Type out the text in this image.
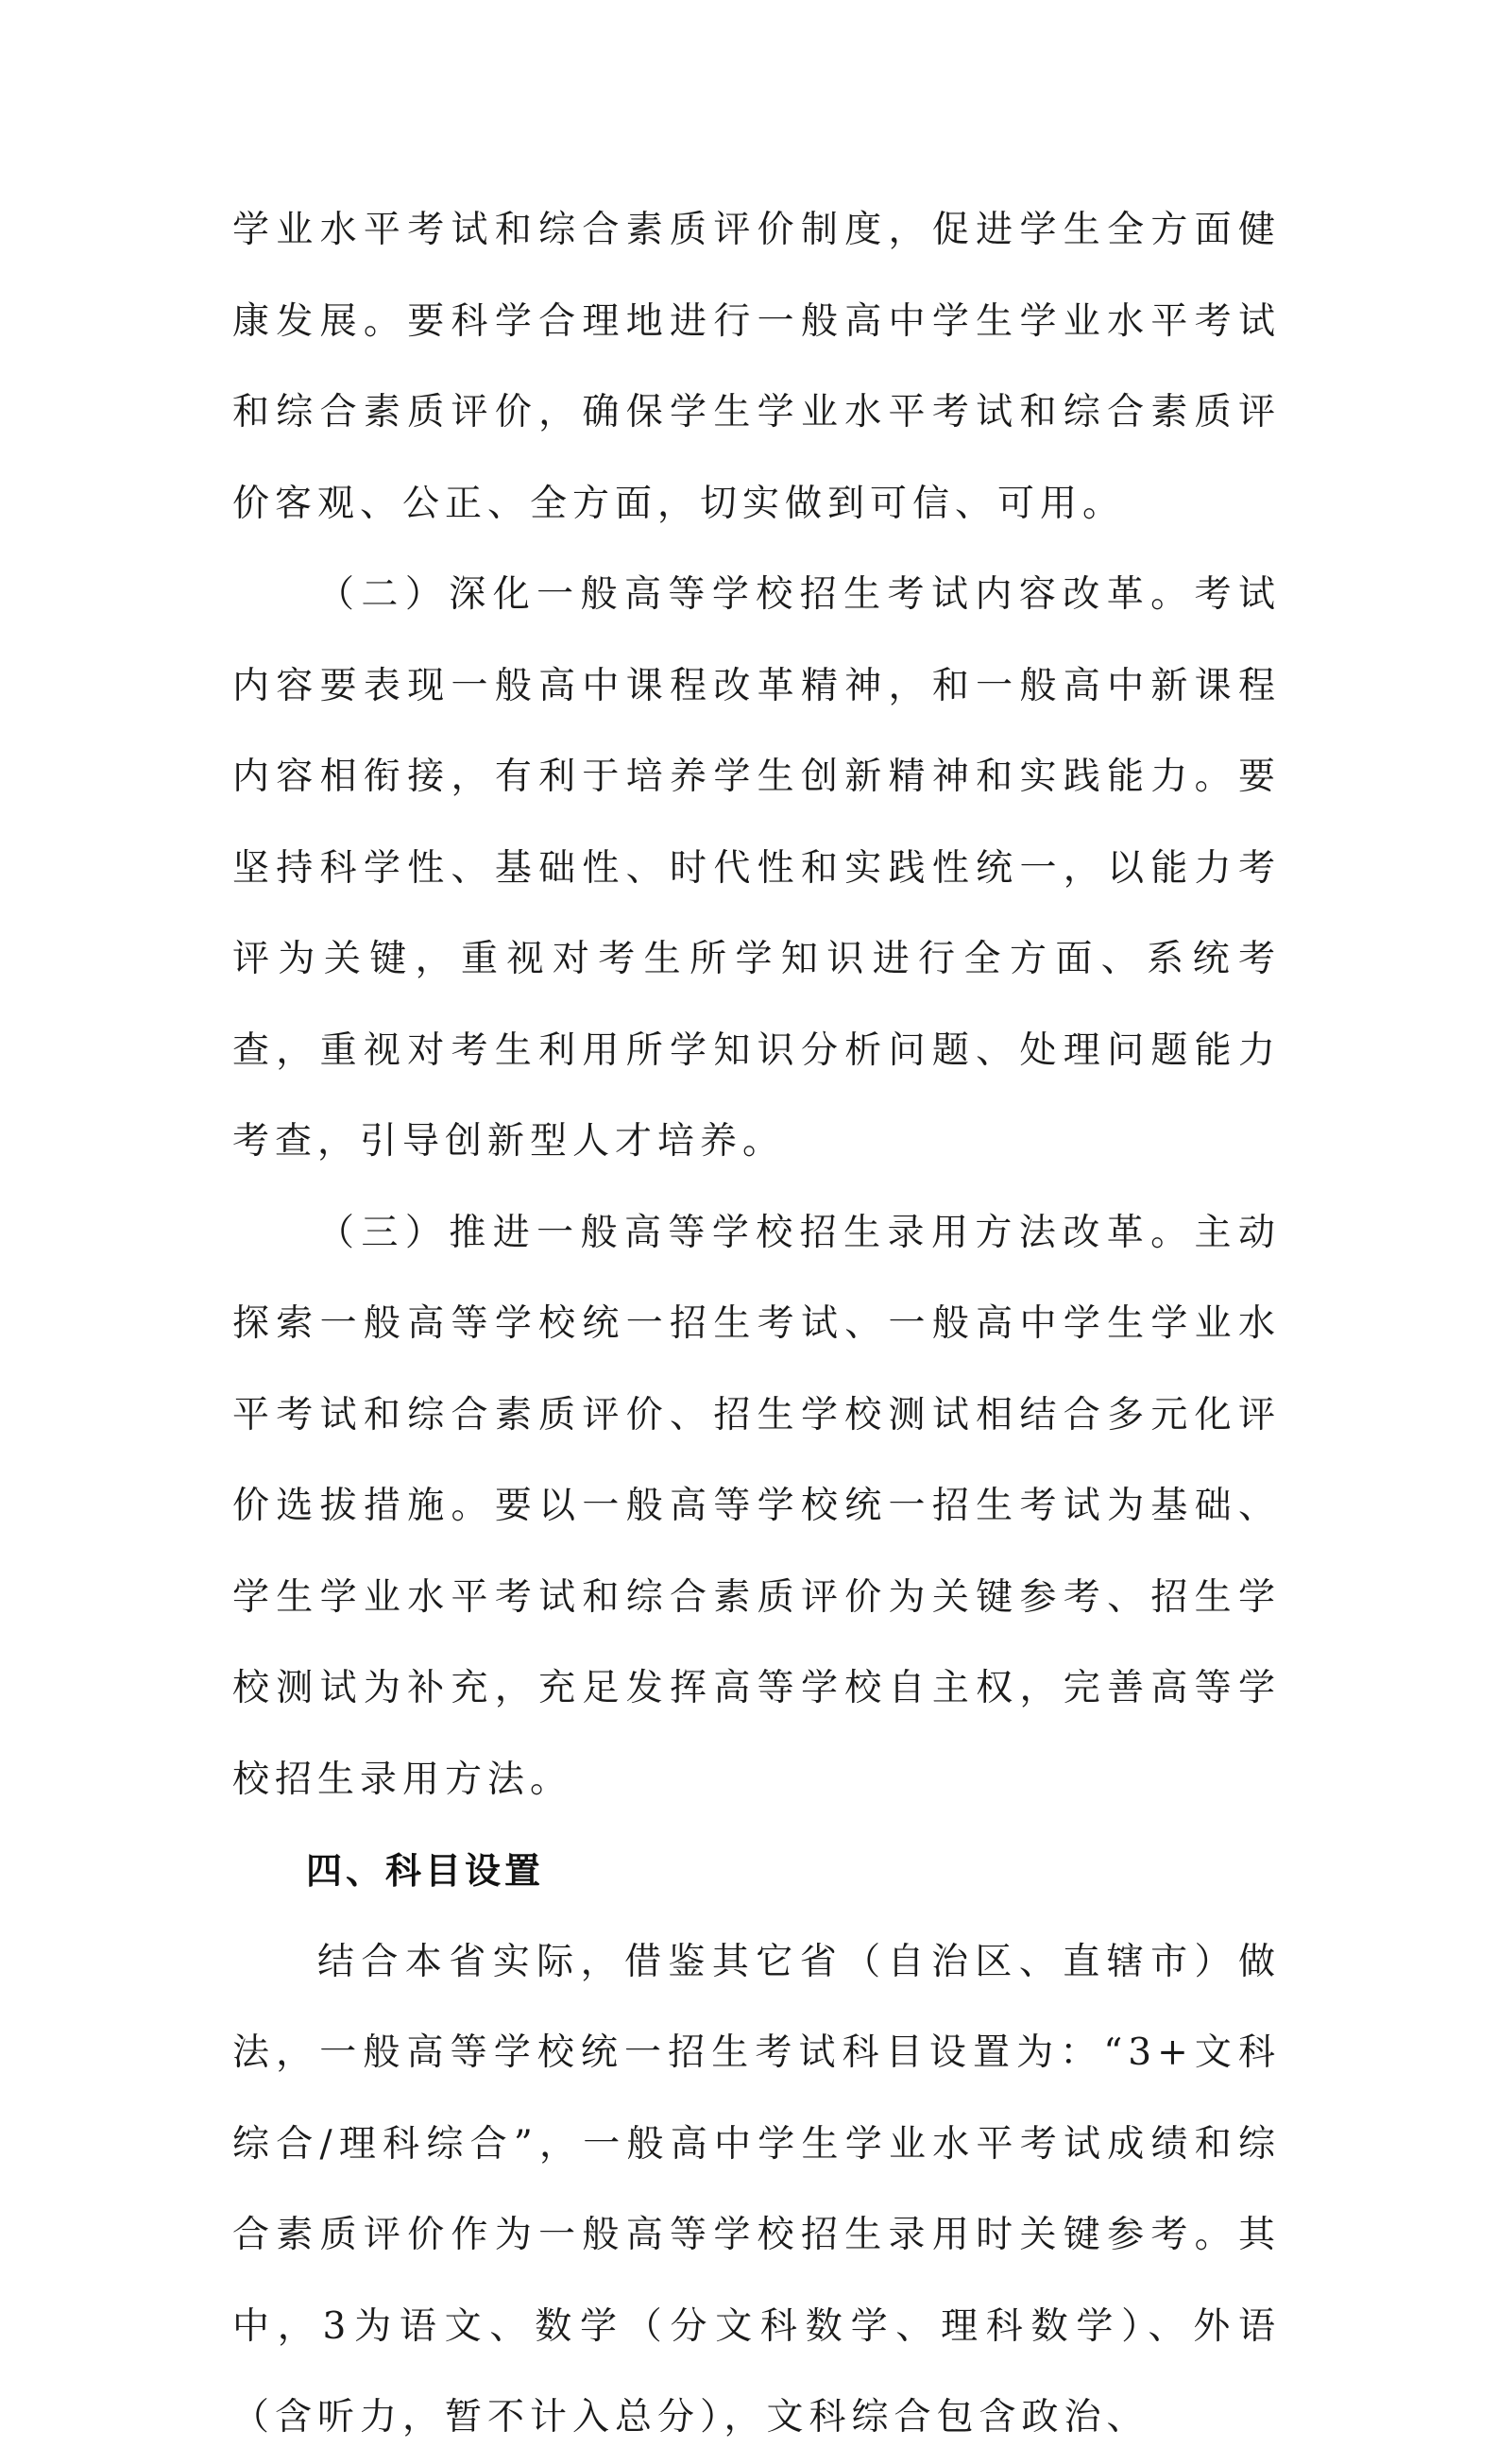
学业水平考试和综合素质评价制度，促进学生全方面健康发展。要科学合理地进行一般高中学生学业水平考试和综合素质评价，确保学生学业水平考试和综合素质评价客观、公正、全方面，切实做到可信、可用。

（二）深化一般高等学校招生考试内容改革。考试内容要表现一般高中课程改革精神，和一般高中新课程内容相衔接，有利于培养学生创新精神和实践能力。要坚持科学性、基础性、时代性和实践性统一，以能力考评为关键，重视对考生所学知识进行全方面、系统考查，重视对考生利用所学知识分析问题、处理问题能力考查，引导创新型人才培养。

（三）推进一般高等学校招生录用方法改革。主动探索一般高等学校统一招生考试、一般高中学生学业水平考试和综合素质评价、招生学校测试相结合多元化评价选拔措施。要以一般高等学校统一招生考试为基础、学生学业水平考试和综合素质评价为关键参考、招生学校测试为补充，充足发挥高等学校自主权，完善高等学校招生录用方法。

四、科目设置

结合本省实际，借鉴其它省（自治区、直辖市）做法，一般高等学校统一招生考试科目设置为：“3+文科综合/理科综合”，一般高中学生学业水平考试成绩和综合素质评价作为一般高等学校招生录用时关键参考。其中，3为语文、数学（分文科数学、理科数学）、外语（含听力，暂不计入总分），文科综合包含政治、
